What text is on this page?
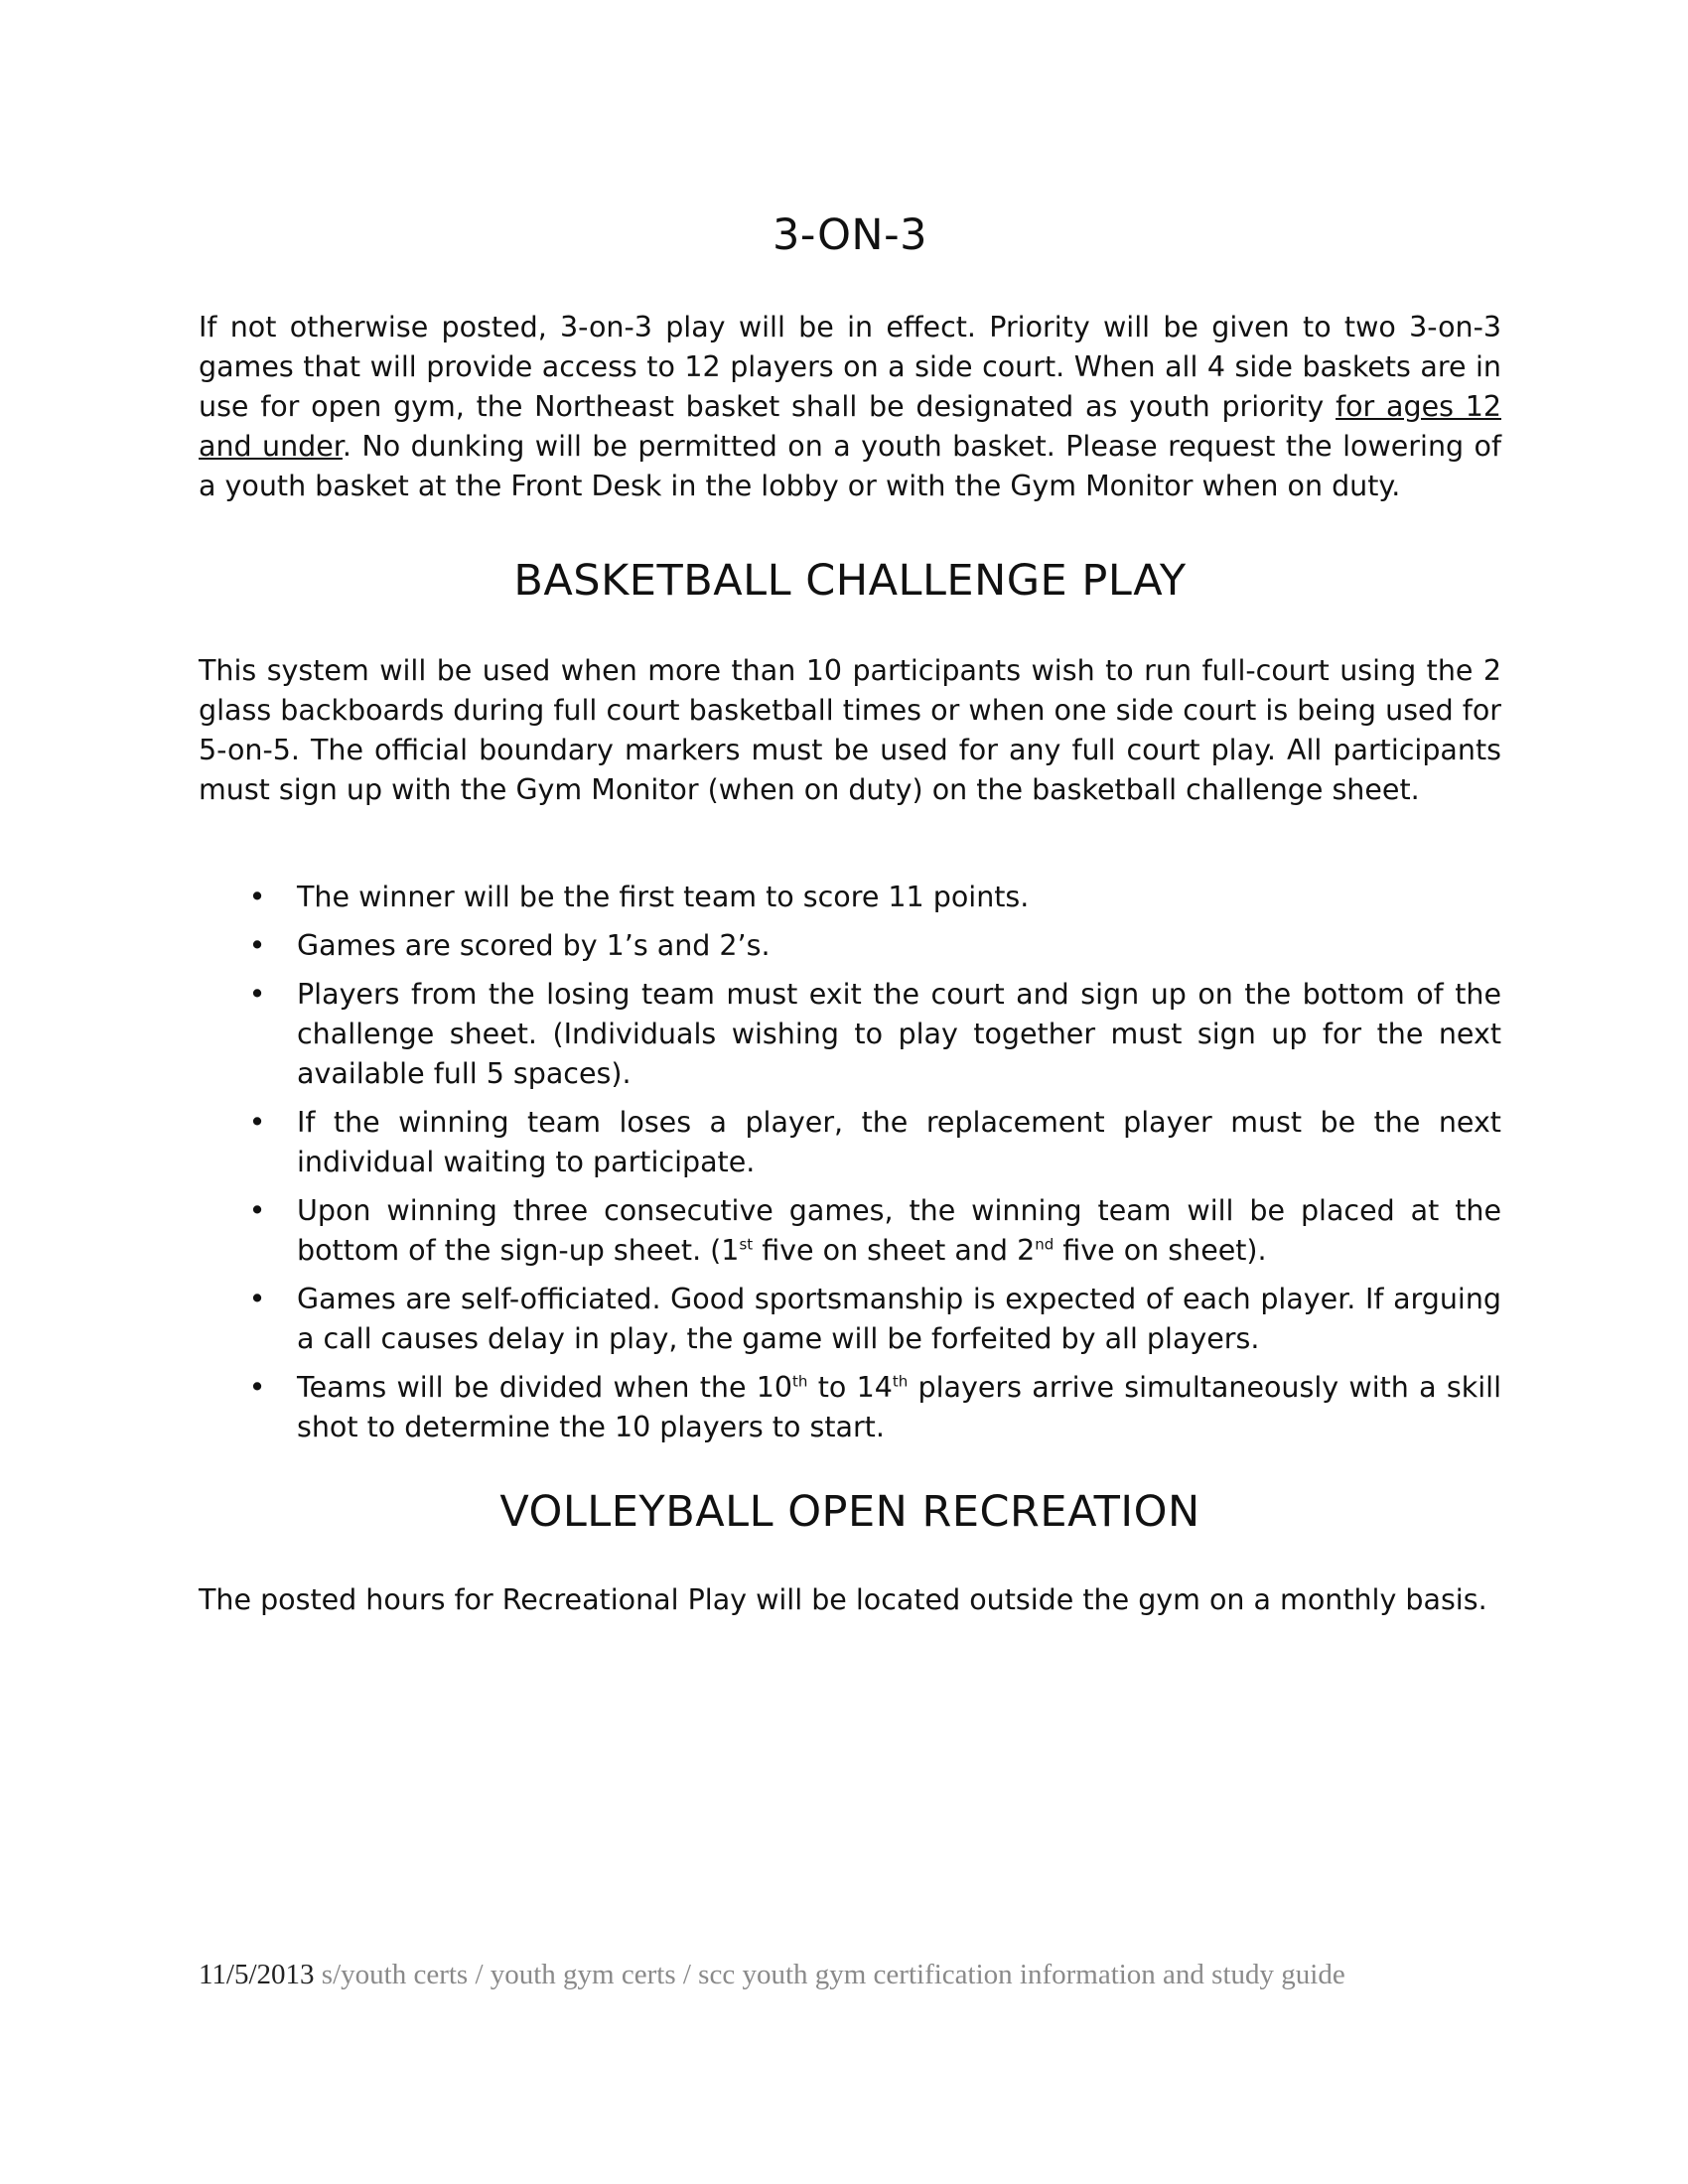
3-ON-3

If not otherwise posted, 3-on-3 play will be in effect. Priority will be given to two 3-on-3 games that will provide access to 12 players on a side court. When all 4 side baskets are in use for open gym, the Northeast basket shall be designated as youth priority for ages 12 and under. No dunking will be permitted on a youth basket. Please request the lowering of a youth basket at the Front Desk in the lobby or with the Gym Monitor when on duty.

BASKETBALL CHALLENGE PLAY

This system will be used when more than 10 participants wish to run full-court using the 2 glass backboards during full court basketball times or when one side court is being used for 5-on-5. The official boundary markers must be used for any full court play. All participants must sign up with the Gym Monitor (when on duty) on the basketball challenge sheet.

• The winner will be the first team to score 11 points.
• Games are scored by 1’s and 2’s.
• Players from the losing team must exit the court and sign up on the bottom of the challenge sheet. (Individuals wishing to play together must sign up for the next available full 5 spaces).
• If the winning team loses a player, the replacement player must be the next individual waiting to participate.
• Upon winning three consecutive games, the winning team will be placed at the bottom of the sign-up sheet. (1st five on sheet and 2nd five on sheet).
• Games are self-officiated. Good sportsmanship is expected of each player. If arguing a call causes delay in play, the game will be forfeited by all players.
• Teams will be divided when the 10th to 14th players arrive simultaneously with a skill shot to determine the 10 players to start.
VOLLEYBALL OPEN RECREATION

The posted hours for Recreational Play will be located outside the gym on a monthly basis.

11/5/2013 s/youth certs / youth gym certs / scc youth gym certification information and study guide
